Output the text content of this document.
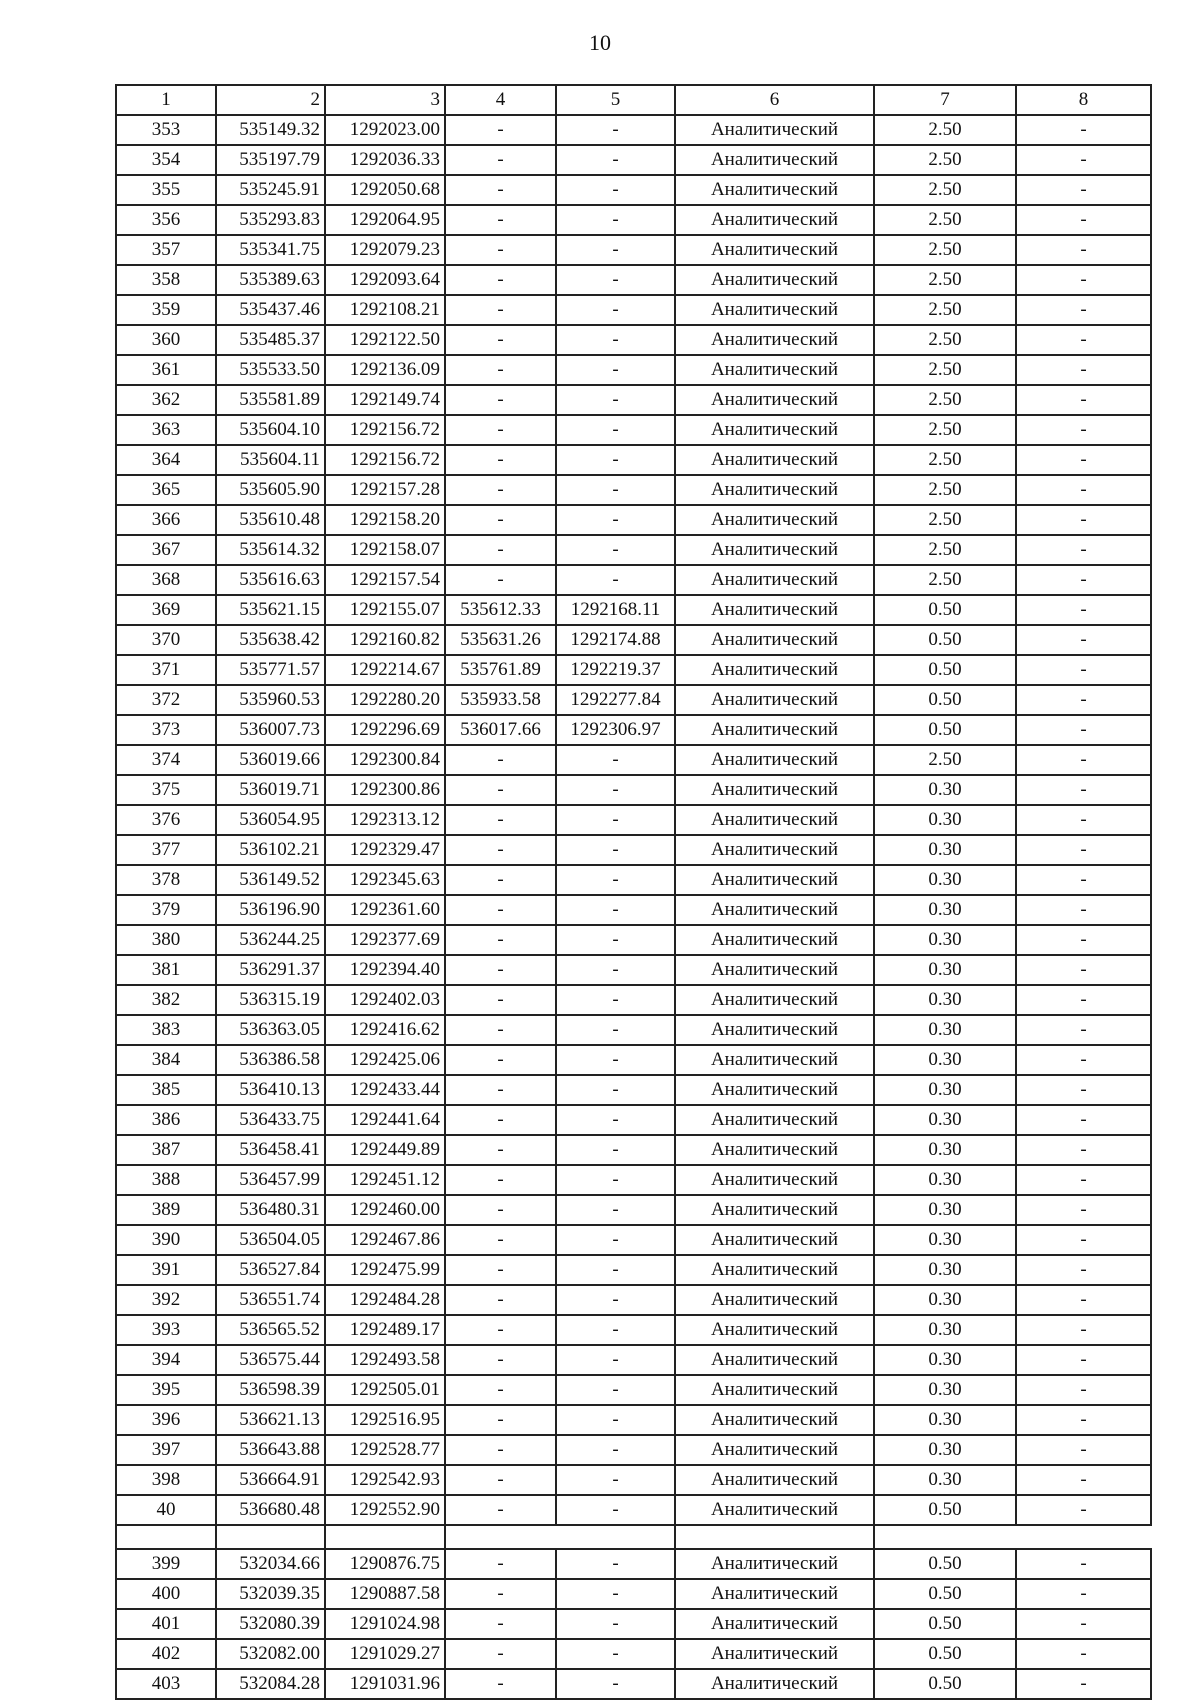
10
1	2	3	4	5	6	7	8
353	535149.32	1292023.00	-	-	Аналитический	2.50	-
354	535197.79	1292036.33	-	-	Аналитический	2.50	-
355	535245.91	1292050.68	-	-	Аналитический	2.50	-
356	535293.83	1292064.95	-	-	Аналитический	2.50	-
357	535341.75	1292079.23	-	-	Аналитический	2.50	-
358	535389.63	1292093.64	-	-	Аналитический	2.50	-
359	535437.46	1292108.21	-	-	Аналитический	2.50	-
360	535485.37	1292122.50	-	-	Аналитический	2.50	-
361	535533.50	1292136.09	-	-	Аналитический	2.50	-
362	535581.89	1292149.74	-	-	Аналитический	2.50	-
363	535604.10	1292156.72	-	-	Аналитический	2.50	-
364	535604.11	1292156.72	-	-	Аналитический	2.50	-
365	535605.90	1292157.28	-	-	Аналитический	2.50	-
366	535610.48	1292158.20	-	-	Аналитический	2.50	-
367	535614.32	1292158.07	-	-	Аналитический	2.50	-
368	535616.63	1292157.54	-	-	Аналитический	2.50	-
369	535621.15	1292155.07	535612.33	1292168.11	Аналитический	0.50	-
370	535638.42	1292160.82	535631.26	1292174.88	Аналитический	0.50	-
371	535771.57	1292214.67	535761.89	1292219.37	Аналитический	0.50	-
372	535960.53	1292280.20	535933.58	1292277.84	Аналитический	0.50	-
373	536007.73	1292296.69	536017.66	1292306.97	Аналитический	0.50	-
374	536019.66	1292300.84	-	-	Аналитический	2.50	-
375	536019.71	1292300.86	-	-	Аналитический	0.30	-
376	536054.95	1292313.12	-	-	Аналитический	0.30	-
377	536102.21	1292329.47	-	-	Аналитический	0.30	-
378	536149.52	1292345.63	-	-	Аналитический	0.30	-
379	536196.90	1292361.60	-	-	Аналитический	0.30	-
380	536244.25	1292377.69	-	-	Аналитический	0.30	-
381	536291.37	1292394.40	-	-	Аналитический	0.30	-
382	536315.19	1292402.03	-	-	Аналитический	0.30	-
383	536363.05	1292416.62	-	-	Аналитический	0.30	-
384	536386.58	1292425.06	-	-	Аналитический	0.30	-
385	536410.13	1292433.44	-	-	Аналитический	0.30	-
386	536433.75	1292441.64	-	-	Аналитический	0.30	-
387	536458.41	1292449.89	-	-	Аналитический	0.30	-
388	536457.99	1292451.12	-	-	Аналитический	0.30	-
389	536480.31	1292460.00	-	-	Аналитический	0.30	-
390	536504.05	1292467.86	-	-	Аналитический	0.30	-
391	536527.84	1292475.99	-	-	Аналитический	0.30	-
392	536551.74	1292484.28	-	-	Аналитический	0.30	-
393	536565.52	1292489.17	-	-	Аналитический	0.30	-
394	536575.44	1292493.58	-	-	Аналитический	0.30	-
395	536598.39	1292505.01	-	-	Аналитический	0.30	-
396	536621.13	1292516.95	-	-	Аналитический	0.30	-
397	536643.88	1292528.77	-	-	Аналитический	0.30	-
398	536664.91	1292542.93	-	-	Аналитический	0.30	-
40	536680.48	1292552.90	-	-	Аналитический	0.50	-

399	532034.66	1290876.75	-	-	Аналитический	0.50	-
400	532039.35	1290887.58	-	-	Аналитический	0.50	-
401	532080.39	1291024.98	-	-	Аналитический	0.50	-
402	532082.00	1291029.27	-	-	Аналитический	0.50	-
403	532084.28	1291031.96	-	-	Аналитический	0.50	-
